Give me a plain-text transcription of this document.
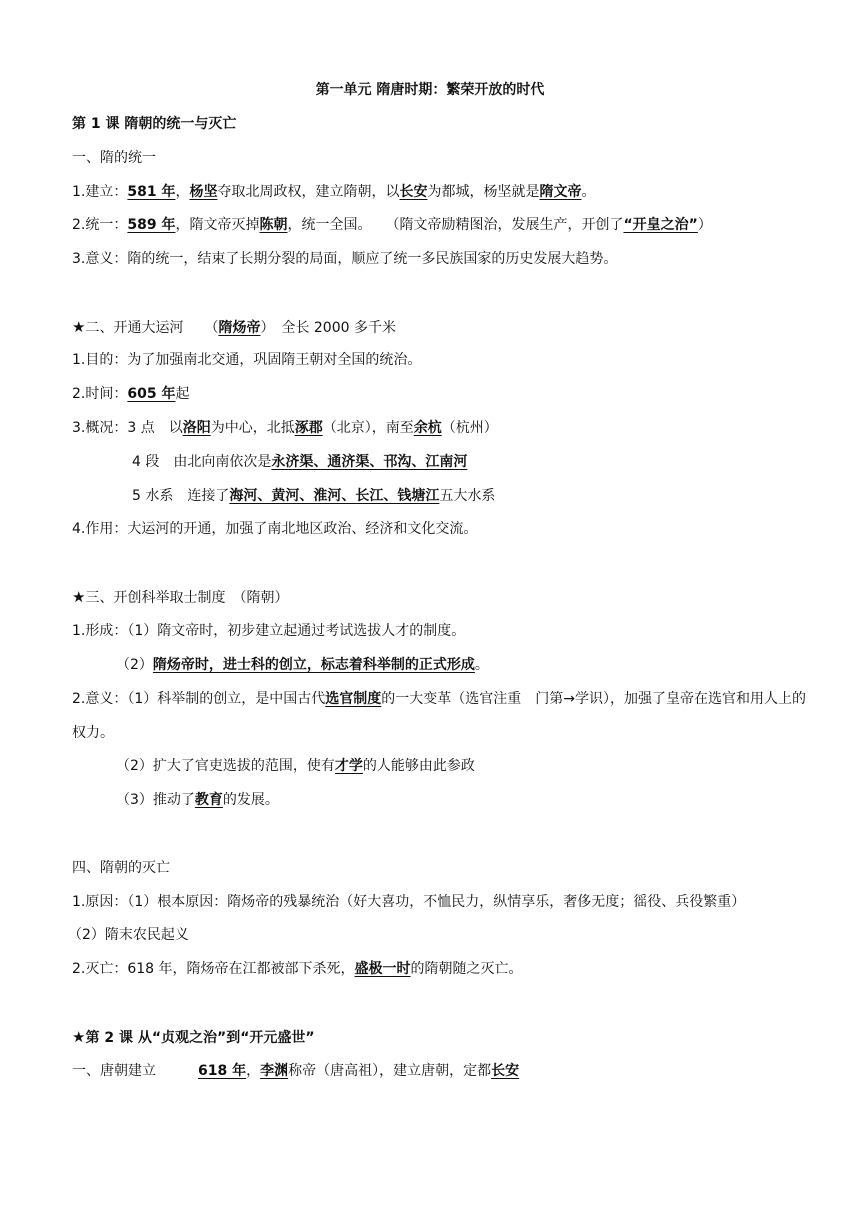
第一单元 隋唐时期：繁荣开放的时代
第 1 课 隋朝的统一与灭亡
一、隋的统一
1.建立：581 年，杨坚夺取北周政权，建立隋朝，以长安为都城，杨坚就是隋文帝。
2.统一：589 年，隋文帝灭掉陈朝，统一全国。　　（隋文帝励精图治，发展生产，开创了“开皇之治”）
3.意义：隋的统一，结束了长期分裂的局面，顺应了统一多民族国家的历史发展大趋势。
★二、开通大运河　　（隋炀帝）　全长 2000 多千米
1.目的：为了加强南北交通，巩固隋王朝对全国的统治。
2.时间：605 年起
3.概况：3 点　以洛阳为中心，北抵涿郡（北京），南至余杭（杭州）
4 段　由北向南依次是永济渠、通济渠、邗沟、江南河
5 水系　连接了海河、黄河、淮河、长江、钱塘江五大水系
4.作用：大运河的开通，加强了南北地区政治、经济和文化交流。
★三、开创科举取士制度　（隋朝）
1.形成：（1）隋文帝时，初步建立起通过考试选拔人才的制度。
（2）隋炀帝时，进士科的创立，标志着科举制的正式形成。
2.意义：（1）科举制的创立，是中国古代选官制度的一大变革（选官注重　门第→学识），加强了皇帝在选官和用人上的权力。
（2）扩大了官吏选拔的范围，使有才学的人能够由此参政
（3）推动了教育的发展。
四、隋朝的灭亡
1.原因：（1）根本原因：隋炀帝的残暴统治（好大喜功，不恤民力，纵情享乐，奢侈无度；徭役、兵役繁重）
（2）隋末农民起义
2.灭亡：618 年，隋炀帝在江都被部下杀死，盛极一时的隋朝随之灭亡。
★第 2 课 从“贞观之治”到“开元盛世”
一、唐朝建立　　　618 年，李渊称帝（唐高祖），建立唐朝，定都长安
